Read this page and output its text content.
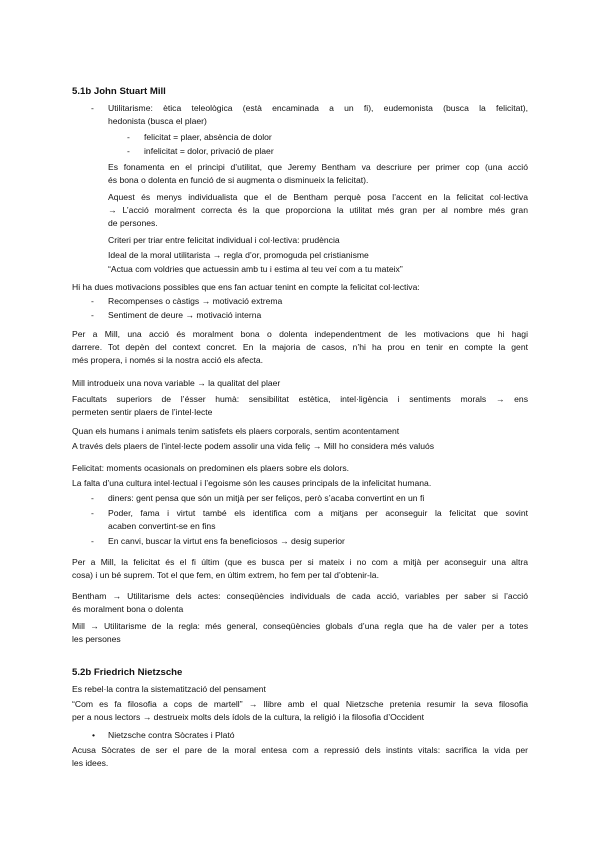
5.1b John Stuart Mill
- Utilitarisme: ètica teleològica (està encaminada a un fi), eudemonista (busca la felicitat),
hedonista (busca el plaer)
- felicitat = plaer, absència de dolor
- infelicitat = dolor, privació de plaer
Es fonamenta en el principi d’utilitat, que Jeremy Bentham va descriure per primer cop (una acció
és bona o dolenta en funció de si augmenta o disminueix la felicitat).
Aquest és menys individualista que el de Bentham perquè posa l’accent en la felicitat col·lectiva
→ L’acció moralment correcta és la que proporciona la utilitat més gran per al nombre més gran
de persones.
Criteri per triar entre felicitat individual i col·lectiva: prudència
Ideal de la moral utilitarista → regla d’or, promoguda pel cristianisme
“Actua com voldries que actuessin amb tu i estima al teu veí com a tu mateix”
Hi ha dues motivacions possibles que ens fan actuar tenint en compte la felicitat col·lectiva:
- Recompenses o càstigs → motivació extrema
- Sentiment de deure → motivació interna
Per a Mill, una acció és moralment bona o dolenta independentment de les motivacions que hi hagi
darrere. Tot depèn del context concret. En la majoria de casos, n’hi ha prou en tenir en compte la gent
més propera, i només si la nostra acció els afecta.
Mill introdueix una nova variable → la qualitat del plaer
Facultats superiors de l’ésser humà: sensibilitat estètica, intel·ligència i sentiments morals → ens
permeten sentir plaers de l’intel·lecte
Quan els humans i animals tenim satisfets els plaers corporals, sentim acontentament
A través dels plaers de l’intel·lecte podem assolir una vida feliç → Mill ho considera més valuós
Felicitat: moments ocasionals on predominen els plaers sobre els dolors.
La falta d’una cultura intel·lectual i l’egoisme són les causes principals de la infelicitat humana.
- diners: gent pensa que són un mitjà per ser feliços, però s’acaba convertint en un fi
- Poder, fama i virtut també els identifica com a mitjans per aconseguir la felicitat que sovint
acaben convertint-se en fins
- En canvi, buscar la virtut ens fa beneficiosos → desig superior
Per a Mill, la felicitat és el fi últim (que es busca per si mateix i no com a mitjà per aconseguir una altra
cosa) i un bé suprem. Tot el que fem, en últim extrem, ho fem per tal d’obtenir-la.
Bentham → Utilitarisme dels actes: conseqüències individuals de cada acció, variables per saber si l’acció
és moralment bona o dolenta
Mill → Utilitarisme de la regla: més general, conseqüències globals d’una regla que ha de valer per a totes
les persones
5.2b Friedrich Nietzsche
Es rebel·la contra la sistematització del pensament
“Com es fa filosofia a cops de martell” → llibre amb el qual Nietzsche pretenia resumir la seva filosofia
per a nous lectors → destrueix molts dels ídols de la cultura, la religió i la filosofia d’Occident
• Nietzsche contra Sòcrates i Plató
Acusa Sòcrates de ser el pare de la moral entesa com a repressió dels instints vitals: sacrifica la vida per
les idees.
